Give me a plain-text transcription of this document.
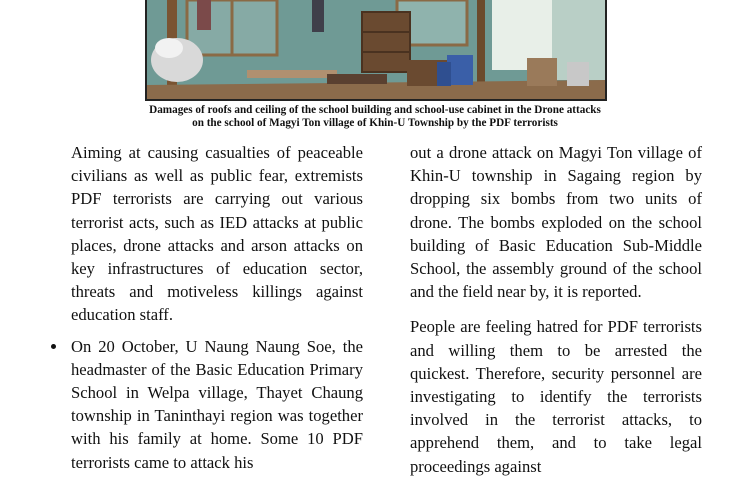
Damages of roofs and ceiling of the school building and school-use cabinet in the Drone attacks
on the school of Magyi Ton village of Khin-U Township by the PDF terrorists

Aiming at causing casualties of peaceable civilians as well as public fear, extremists PDF terrorists are carrying out various terrorist acts, such as IED attacks at public places, drone attacks and arson attacks on key infrastructures of education sector, threats and motiveless killings against education staff.

On 20 October, U Naung Naung Soe, the headmaster of the Basic Education Primary School in Welpa village, Thayet Chaung township in Taninthayi region was together with his family at home. Some 10 PDF terrorists came to attack his

out a drone attack on Magyi Ton village of Khin-U township in Sagaing region by dropping six bombs from two units of drone. The bombs exploded on the school building of Basic Education Sub-Middle School, the assembly ground of the school and the field near by, it is reported.

People are feeling hatred for PDF terrorists and willing them to be arrested the quickest. Therefore, security personnel are investigating to identify the terrorists involved in the terrorist attacks, to apprehend them, and to take legal proceedings against
